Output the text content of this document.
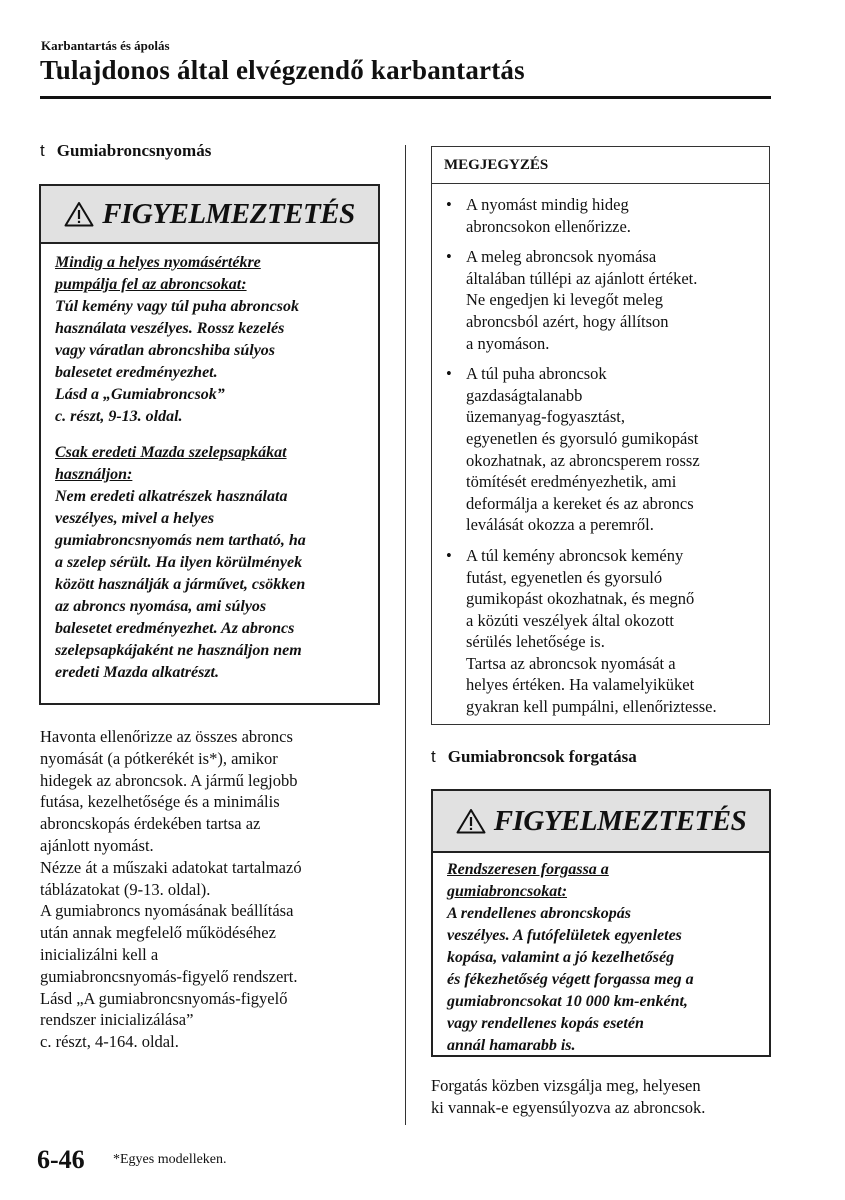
Karbantartás és ápolás
Tulajdonos által elvégzendő karbantartás
t Gumiabroncsnyomás
FIGYELMEZTETÉS
Mindig a helyes nyomásértékre
pumpálja fel az abroncsokat:
Túl kemény vagy túl puha abroncsok
használata veszélyes. Rossz kezelés
vagy váratlan abroncshiba súlyos
balesetet eredményezhet.
Lásd a „Gumiabroncsok”
c. részt, 9-13. oldal.
Csak eredeti Mazda szelepsapkákat
használjon:
Nem eredeti alkatrészek használata
veszélyes, mivel a helyes
gumiabroncsnyomás nem tartható, ha
a szelep sérült. Ha ilyen körülmények
között használják a járművet, csökken
az abroncs nyomása, ami súlyos
balesetet eredményezhet. Az abroncs
szelepsapkájaként ne használjon nem
eredeti Mazda alkatrészt.
Havonta ellenőrizze az összes abroncs
nyomását (a pótkerékét is*), amikor
hidegek az abroncsok. A jármű legjobb
futása, kezelhetősége és a minimális
abroncskopás érdekében tartsa az
ajánlott nyomást.
Nézze át a műszaki adatokat tartalmazó
táblázatokat (9-13. oldal).
A gumiabroncs nyomásának beállítása
után annak megfelelő működéséhez
inicializálni kell a
gumiabroncsnyomás-figyelő rendszert.
Lásd „A gumiabroncsnyomás-figyelő
rendszer inicializálása”
c. részt, 4-164. oldal.
MEGJEGYZÉS
• A nyomást mindig hideg
abroncsokon ellenőrizze.
• A meleg abroncsok nyomása
általában túllépi az ajánlott értéket.
Ne engedjen ki levegőt meleg
abroncsból azért, hogy állítson
a nyomáson.
• A túl puha abroncsok
gazdaságtalanabb
üzemanyag-fogyasztást,
egyenetlen és gyorsuló gumikopást
okozhatnak, az abroncsperem rossz
tömítését eredményezhetik, ami
deformálja a kereket és az abroncs
leválását okozza a peremről.
• A túl kemény abroncsok kemény
futást, egyenetlen és gyorsuló
gumikopást okozhatnak, és megnő
a közúti veszélyek által okozott
sérülés lehetősége is.
Tartsa az abroncsok nyomását a
helyes értéken. Ha valamelyiküket
gyakran kell pumpálni, ellenőriztesse.
t Gumiabroncsok forgatása
FIGYELMEZTETÉS
Rendszeresen forgassa a
gumiabroncsokat:
A rendellenes abroncskopás
veszélyes. A futófelületek egyenletes
kopása, valamint a jó kezelhetőség
és fékezhetőség végett forgassa meg a
gumiabroncsokat 10 000 km-enként,
vagy rendellenes kopás esetén
annál hamarabb is.
Forgatás közben vizsgálja meg, helyesen
ki vannak-e egyensúlyozva az abroncsok.
6-46 *Egyes modelleken.
